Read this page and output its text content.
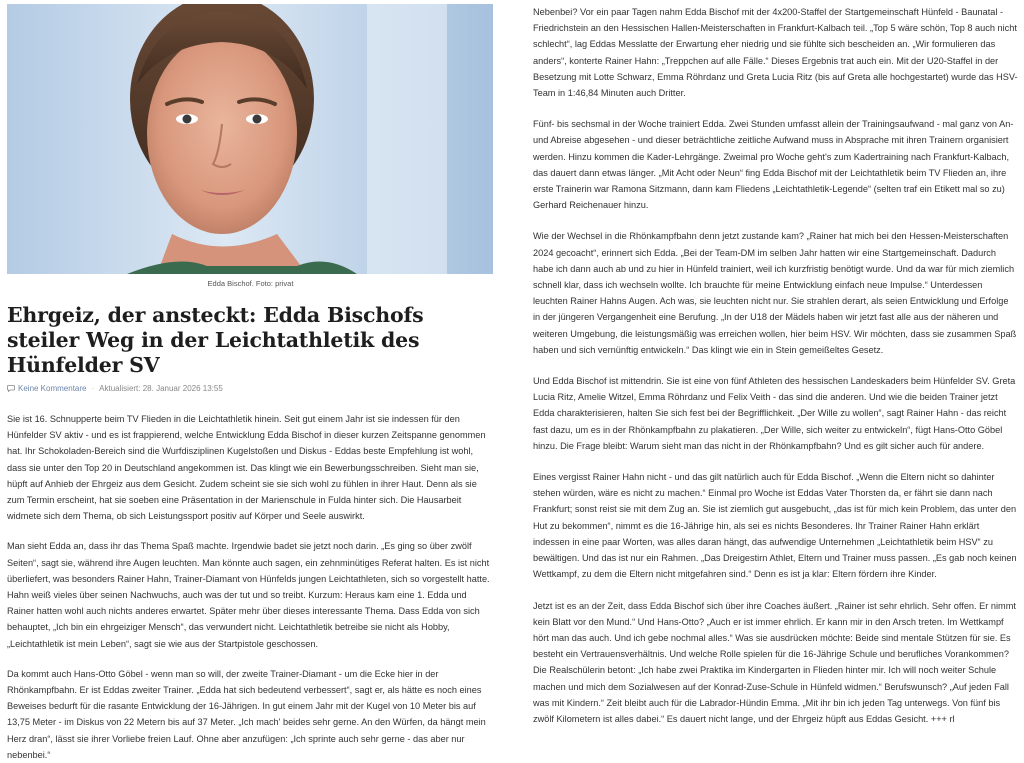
Edda Bischof. Foto: privat
Ehrgeiz, der ansteckt: Edda Bischofs steiler Weg in der Leichtathletik des Hünfelder SV
Keine Kommentare · Aktualisiert: 28. Januar 2026 13:55

Sie ist 16. Schnupperte beim TV Flieden in die Leichtathletik hinein. Seit gut einem Jahr ist sie indessen für den Hünfelder SV aktiv - und es ist frappierend, welche Entwicklung Edda Bischof in dieser kurzen Zeitspanne genommen hat. Ihr Schokoladen-Bereich sind die Wurfdisziplinen Kugelstoßen und Diskus - Eddas beste Empfehlung ist wohl, dass sie unter den Top 20 in Deutschland angekommen ist. Das klingt wie ein Bewerbungsschreiben. Sieht man sie, hüpft auf Anhieb der Ehrgeiz aus dem Gesicht. Zudem scheint sie sie sich wohl zu fühlen in ihrer Haut. Denn als sie zum Termin erscheint, hat sie soeben eine Präsentation in der Marienschule in Fulda hinter sich. Die Hausarbeit widmete sich dem Thema, ob sich Leistungssport positiv auf Körper und Seele auswirkt.

Man sieht Edda an, dass ihr das Thema Spaß machte. Irgendwie badet sie jetzt noch darin. „Es ging so über zwölf Seiten“, sagt sie, während ihre Augen leuchten. Man könnte auch sagen, ein zehnminütiges Referat halten. Es ist nicht überliefert, was besonders Rainer Hahn, Trainer-Diamant von Hünfelds jungen Leichtathleten, sich so vorgestellt hatte. Hahn weiß vieles über seinen Nachwuchs, auch was der tut und so treibt. Kurzum: Heraus kam eine 1. Edda und Rainer hatten wohl auch nichts anderes erwartet. Später mehr über dieses interessante Thema. Dass Edda von sich behauptet, „Ich bin ein ehrgeiziger Mensch“, das verwundert nicht. Leichtathletik betreibe sie nicht als Hobby, „Leichtathletik ist mein Leben“, sagt sie wie aus der Startpistole geschossen.

Da kommt auch Hans-Otto Göbel - wenn man so will, der zweite Trainer-Diamant - um die Ecke hier in der Rhönkampfbahn. Er ist Eddas zweiter Trainer. „Edda hat sich bedeutend verbessert“, sagt er, als hätte es noch eines Beweises bedurft für die rasante Entwicklung der 16-Jährigen. In gut einem Jahr mit der Kugel von 10 Meter bis auf 13,75 Meter - im Diskus von 22 Metern bis auf 37 Meter. „Ich mach' beides sehr gerne. An den Würfen, da hängt mein Herz dran“, lässt sie ihrer Vorliebe freien Lauf. Ohne aber anzufügen: „Ich sprinte auch sehr gerne - das aber nur nebenbei.“

Nebenbei? Vor ein paar Tagen nahm Edda Bischof mit der 4x200-Staffel der Startgemeinschaft Hünfeld - Baunatal - Friedrichstein an den Hessischen Hallen-Meisterschaften in Frankfurt-Kalbach teil. „Top 5 wäre schön, Top 8 auch nicht schlecht“, lag Eddas Messlatte der Erwartung eher niedrig und sie fühlte sich bescheiden an. „Wir formulieren das anders“, konterte Rainer Hahn: „Treppchen auf alle Fälle.“ Dieses Ergebnis trat auch ein. Mit der U20-Staffel in der Besetzung mit Lotte Schwarz, Emma Röhrdanz und Greta Lucia Ritz (bis auf Greta alle hochgestartet) wurde das HSV-Team in 1:46,84 Minuten auch Dritter.

Fünf- bis sechsmal in der Woche trainiert Edda. Zwei Stunden umfasst allein der Trainingsaufwand - mal ganz von An- und Abreise abgesehen - und dieser beträchtliche zeitliche Aufwand muss in Absprache mit ihren Trainern organisiert werden. Hinzu kommen die Kader-Lehrgänge. Zweimal pro Woche geht's zum Kadertraining nach Frankfurt-Kalbach, das dauert dann etwas länger. „Mit Acht oder Neun“ fing Edda Bischof mit der Leichtathletik beim TV Flieden an, ihre erste Trainerin war Ramona Sitzmann, dann kam Fliedens „Leichtathletik-Legende“ (selten traf ein Etikett mal so zu) Gerhard Reichenauer hinzu.

Wie der Wechsel in die Rhönkampfbahn denn jetzt zustande kam? „Rainer hat mich bei den Hessen-Meisterschaften 2024 gecoacht“, erinnert sich Edda. „Bei der Team-DM im selben Jahr hatten wir eine Startgemeinschaft. Dadurch habe ich dann auch ab und zu hier in Hünfeld trainiert, weil ich kurzfristig benötigt wurde. Und da war für mich ziemlich schnell klar, dass ich wechseln wollte. Ich brauchte für meine Entwicklung einfach neue Impulse.“ Unterdessen leuchten Rainer Hahns Augen. Ach was, sie leuchten nicht nur. Sie strahlen derart, als seien Entwicklung und Erfolge in der jüngeren Vergangenheit eine Berufung. „In der U18 der Mädels haben wir jetzt fast alle aus der näheren und weiteren Umgebung, die leistungsmäßig was erreichen wollen, hier beim HSV. Wir möchten, dass sie zusammen Spaß haben und sich vernünftig entwickeln.“ Das klingt wie ein in Stein gemeißeltes Gesetz.

Und Edda Bischof ist mittendrin. Sie ist eine von fünf Athleten des hessischen Landeskaders beim Hünfelder SV. Greta Lucia Ritz, Amelie Witzel, Emma Röhrdanz und Felix Veith - das sind die anderen. Und wie die beiden Trainer jetzt Edda charakterisieren, halten Sie sich fest bei der Begrifflichkeit. „Der Wille zu wollen“, sagt Rainer Hahn - das reicht fast dazu, um es in der Rhönkampfbahn zu plakatieren. „Der Wille, sich weiter zu entwickeln“, fügt Hans-Otto Göbel hinzu. Die Frage bleibt: Warum sieht man das nicht in der Rhönkampfbahn? Und es gilt sicher auch für andere.

Eines vergisst Rainer Hahn nicht - und das gilt natürlich auch für Edda Bischof. „Wenn die Eltern nicht so dahinter stehen würden, wäre es nicht zu machen.“ Einmal pro Woche ist Eddas Vater Thorsten da, er fährt sie dann nach Frankfurt; sonst reist sie mit dem Zug an. Sie ist ziemlich gut ausgebucht, „das ist für mich kein Problem, das unter den Hut zu bekommen“, nimmt es die 16-Jährige hin, als sei es nichts Besonderes. Ihr Trainer Rainer Hahn erklärt indessen in eine paar Worten, was alles daran hängt, das aufwendige Unternehmen „Leichtathletik beim HSV“ zu bewältigen. Und das ist nur ein Rahmen. „Das Dreigestirn Athlet, Eltern und Trainer muss passen. „Es gab noch keinen Wettkampf, zu dem die Eltern nicht mitgefahren sind.“ Denn es ist ja klar: Eltern fördern ihre Kinder.

Jetzt ist es an der Zeit, dass Edda Bischof sich über ihre Coaches äußert. „Rainer ist sehr ehrlich. Sehr offen. Er nimmt kein Blatt vor den Mund.“ Und Hans-Otto? „Auch er ist immer ehrlich. Er kann mir in den Arsch treten. Im Wettkampf hört man das auch. Und ich gebe nochmal alles.“ Was sie ausdrücken möchte: Beide sind mentale Stützen für sie. Es besteht ein Vertrauensverhältnis. Und welche Rolle spielen für die 16-Jährige Schule und berufliches Vorankommen? Die Realschülerin betont: „Ich habe zwei Praktika im Kindergarten in Flieden hinter mir. Ich will noch weiter Schule machen und mich dem Sozialwesen auf der Konrad-Zuse-Schule in Hünfeld widmen.“ Berufswunsch? „Auf jeden Fall was mit Kindern.“ Zeit bleibt auch für die Labrador-Hündin Emma. „Mit ihr bin ich jeden Tag unterwegs. Von fünf bis zwölf Kilometern ist alles dabei.“ Es dauert nicht lange, und der Ehrgeiz hüpft aus Eddas Gesicht. +++ rl
